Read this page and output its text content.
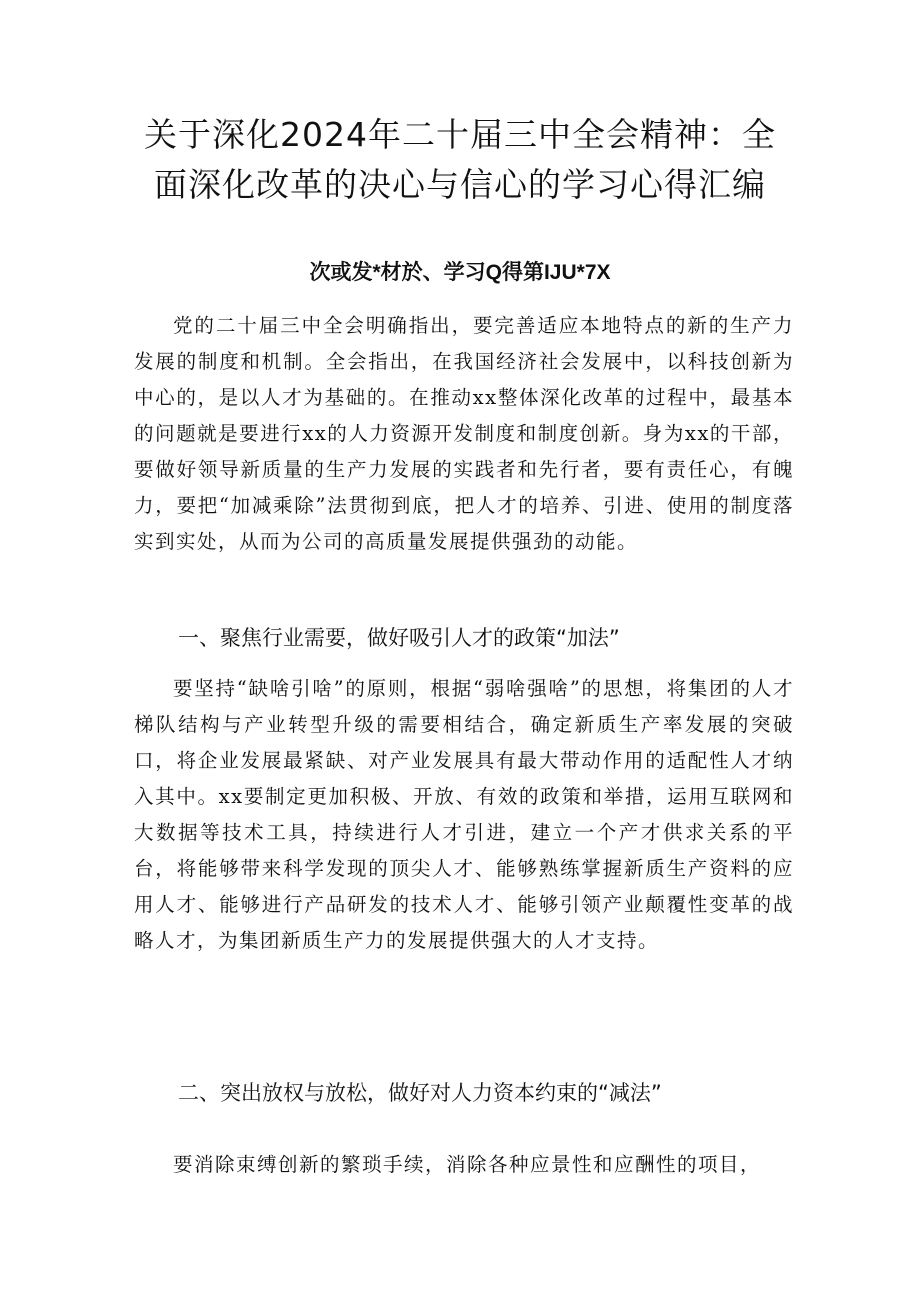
关于深化2024年二十届三中全会精神：全
面深化改革的决心与信心的学习心得汇编
次或发*材於、学习Q得第IJU*7X

党的二十届三中全会明确指出，要完善适应本地特点的新的生产力发展的制度和机制。全会指出，在我国经济社会发展中，以科技创新为中心的，是以人才为基础的。在推动xx整体深化改革的过程中，最基本的问题就是要进行xx的人力资源开发制度和制度创新。身为xx的干部，要做好领导新质量的生产力发展的实践者和先行者，要有责任心，有魄力，要把“加减乘除”法贯彻到底，把人才的培养、引进、使用的制度落实到实处，从而为公司的高质量发展提供强劲的动能。

一、聚焦行业需要，做好吸引人才的政策“加法”

要坚持“缺啥引啥”的原则，根据“弱啥强啥”的思想，将集团的人才梯队结构与产业转型升级的需要相结合，确定新质生产率发展的突破口，将企业发展最紧缺、对产业发展具有最大带动作用的适配性人才纳入其中。xx要制定更加积极、开放、有效的政策和举措，运用互联网和大数据等技术工具，持续进行人才引进，建立一个产才供求关系的平台，将能够带来科学发现的顶尖人才、能够熟练掌握新质生产资料的应用人才、能够进行产品研发的技术人才、能够引领产业颠覆性变革的战略人才，为集团新质生产力的发展提供强大的人才支持。

二、突出放权与放松，做好对人力资本约束的“减法”

要消除束缚创新的繁琐手续，消除各种应景性和应酬性的项目，
